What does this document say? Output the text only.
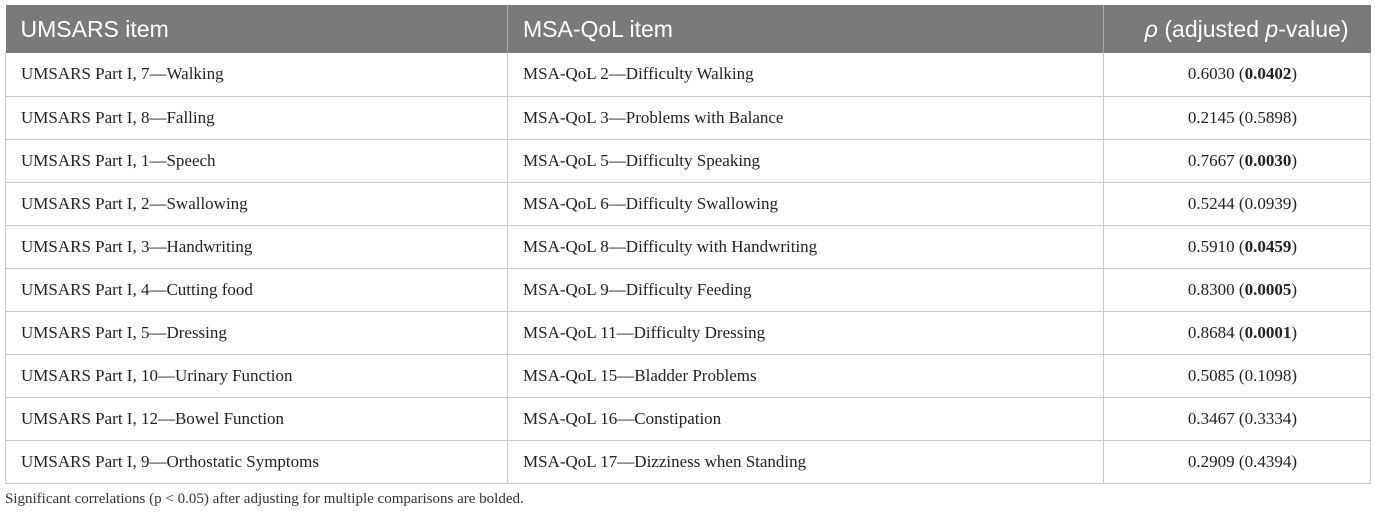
UMSARS item	MSA-QoL item	ρ (adjusted p-value)
UMSARS Part I, 7—Walking	MSA-QoL 2—Difficulty Walking	0.6030 (0.0402)
UMSARS Part I, 8—Falling	MSA-QoL 3—Problems with Balance	0.2145 (0.5898)
UMSARS Part I, 1—Speech	MSA-QoL 5—Difficulty Speaking	0.7667 (0.0030)
UMSARS Part I, 2—Swallowing	MSA-QoL 6—Difficulty Swallowing	0.5244 (0.0939)
UMSARS Part I, 3—Handwriting	MSA-QoL 8—Difficulty with Handwriting	0.5910 (0.0459)
UMSARS Part I, 4—Cutting food	MSA-QoL 9—Difficulty Feeding	0.8300 (0.0005)
UMSARS Part I, 5—Dressing	MSA-QoL 11—Difficulty Dressing	0.8684 (0.0001)
UMSARS Part I, 10—Urinary Function	MSA-QoL 15—Bladder Problems	0.5085 (0.1098)
UMSARS Part I, 12—Bowel Function	MSA-QoL 16—Constipation	0.3467 (0.3334)
UMSARS Part I, 9—Orthostatic Symptoms	MSA-QoL 17—Dizziness when Standing	0.2909 (0.4394)
Significant correlations (p < 0.05) after adjusting for multiple comparisons are bolded.
